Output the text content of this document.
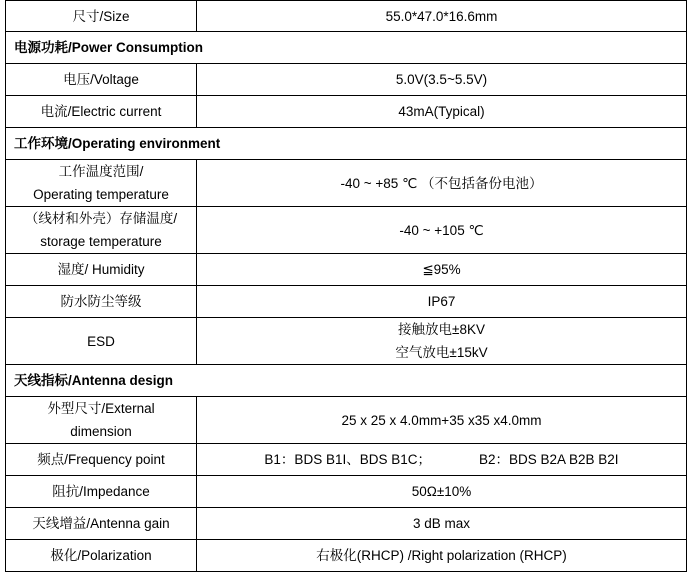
尺寸/Size	55.0*47.0*16.6mm

电源功耗/Power Consumption	

电压/Voltage	5.0V(3.5~5.5V)

电流/Electric current	43mA(Typical)

工作环境/Operating environment	

工作温度范围/
Operating temperature	-40 ~ +85 ℃ （不包括备份电池）

（线材和外壳）存储温度/
storage temperature	-40 ~ +105 ℃

湿度/ Humidity	≦95%

防水防尘等级	IP67

ESD	接触放电±8KV
空气放电±15kV

天线指标/Antenna design	

外型尺寸/External
dimension	25 x 25 x 4.0mm+35 x35 x4.0mm

频点/Frequency point	B1：BDS B1I、BDS B1C； B2：BDS B2A B2B B2I

阻抗/Impedance	50Ω±10%

天线增益/Antenna gain	3 dB max

极化/Polarization	右极化(RHCP) /Right polarization (RHCP)
